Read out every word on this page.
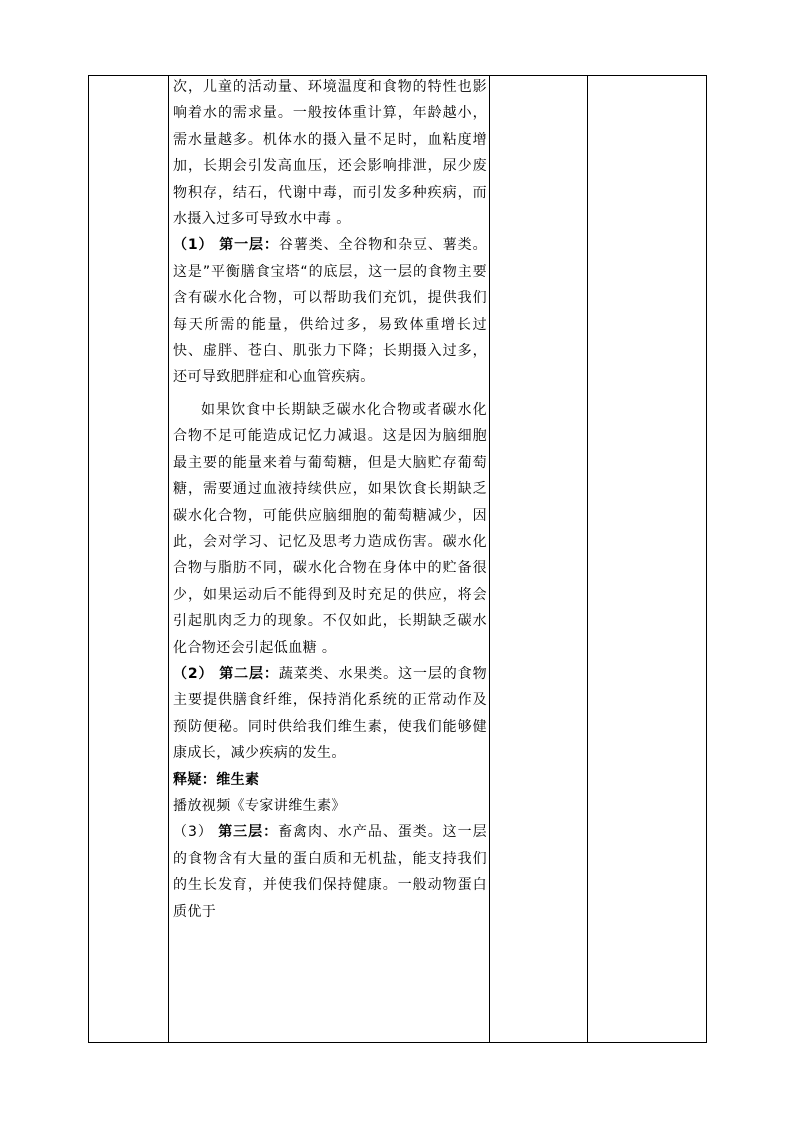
次，儿童的活动量、环境温度和食物的特性也影响着水的需求量。一般按体重计算，年龄越小，需水量越多。机体水的摄入量不足时，血粘度增加，长期会引发高血压，还会影响排泄，尿少废物积存，结石，代谢中毒，而引发多种疾病，而水摄入过多可导致水中毒 。

（1） 第一层：谷薯类、全谷物和杂豆、薯类。这是”平衡膳食宝塔“的底层，这一层的食物主要含有碳水化合物，可以帮助我们充饥，提供我们每天所需的能量，供给过多，易致体重增长过快、虚胖、苍白、肌张力下降；长期摄入过多，还可导致肥胖症和心血管疾病。

如果饮食中长期缺乏碳水化合物或者碳水化合物不足可能造成记忆力减退。这是因为脑细胞最主要的能量来着与葡萄糖，但是大脑贮存葡萄糖，需要通过血液持续供应，如果饮食长期缺乏碳水化合物，可能供应脑细胞的葡萄糖减少，因此，会对学习、记忆及思考力造成伤害。碳水化合物与脂肪不同，碳水化合物在身体中的贮备很少，如果运动后不能得到及时充足的供应，将会引起肌肉乏力的现象。不仅如此，长期缺乏碳水化合物还会引起低血糖 。

（2） 第二层：蔬菜类、水果类。这一层的食物主要提供膳食纤维，保持消化系统的正常动作及预防便秘。同时供给我们维生素，使我们能够健康成长，减少疾病的发生。

释疑：维生素

播放视频《专家讲维生素》

（3） 第三层：畜禽肉、水产品、蛋类。这一层的食物含有大量的蛋白质和无机盐，能支持我们的生长发育，并使我们保持健康。一般动物蛋白质优于
